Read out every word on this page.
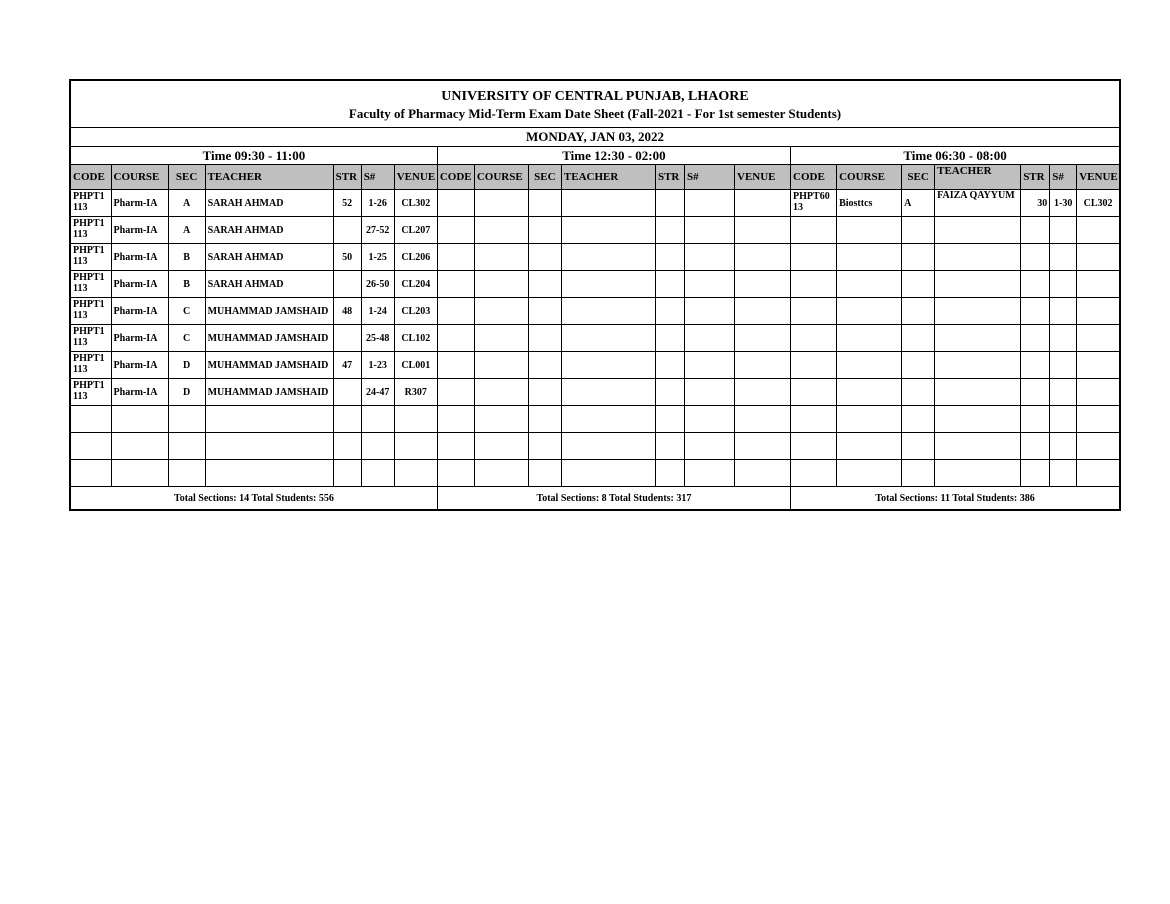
UNIVERSITY OF CENTRAL PUNJAB, LHAORE
Faculty of Pharmacy Mid-Term Exam Date Sheet (Fall-2021 - For 1st semester Students)
MONDAY, JAN 03, 2022
Time 09:30 - 11:00							Time 12:30 - 02:00							Time 06:30 - 08:00						
CODE	COURSE	SEC	TEACHER	STR	S#	VENUE	CODE	COURSE	SEC	TEACHER	STR	S#	VENUE	CODE	COURSE	SEC	TEACHER	STR	S#	VENUE
PHPT1 113	Pharm-IA	A	SARAH AHMAD	52	1-26	CL302								PHPT60 13	Biosttcs	A	FAIZA QAYYUM	30	1-30	CL302
PHPT1 113	Pharm-IA	A	SARAH AHMAD		27-52	CL207														
PHPT1 113	Pharm-IA	B	SARAH AHMAD	50	1-25	CL206														
PHPT1 113	Pharm-IA	B	SARAH AHMAD		26-50	CL204														
PHPT1 113	Pharm-IA	C	MUHAMMAD JAMSHAID	48	1-24	CL203														
PHPT1 113	Pharm-IA	C	MUHAMMAD JAMSHAID		25-48	CL102														
PHPT1 113	Pharm-IA	D	MUHAMMAD JAMSHAID	47	1-23	CL001														
PHPT1 113	Pharm-IA	D	MUHAMMAD JAMSHAID		24-47	R307														

Total Sections: 14 Total Students: 556							Total Sections: 8 Total Students: 317							Total Sections: 11 Total Students: 386						
